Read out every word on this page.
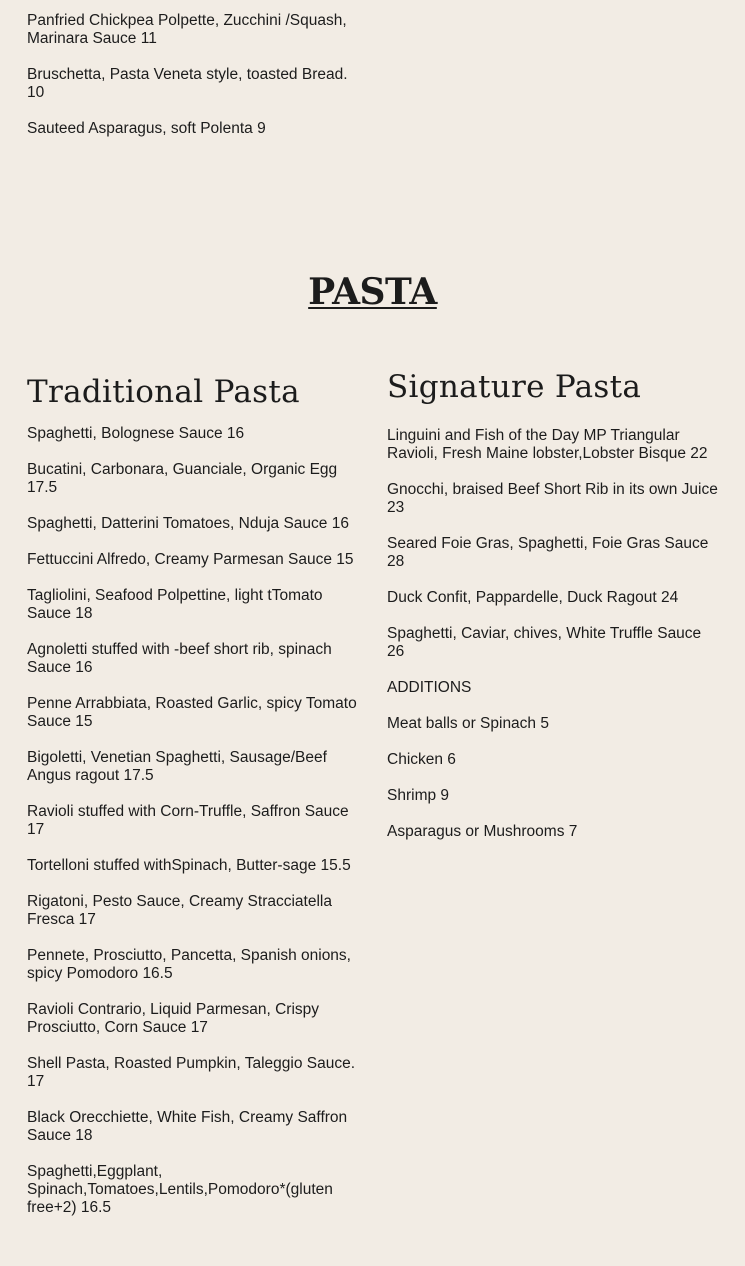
Panfried Chickpea Polpette, Zucchini /Squash, Marinara Sauce 11

Bruschetta, Pasta Veneta style, toasted Bread. 10

Sauteed Asparagus, soft Polenta 9

PASTA
Traditional Pasta

Spaghetti, Bolognese Sauce 16

Bucatini, Carbonara, Guanciale, Organic Egg 17.5

Spaghetti, Datterini Tomatoes, Nduja Sauce 16

Fettuccini Alfredo, Creamy Parmesan Sauce 15

Tagliolini, Seafood Polpettine, light tTomato Sauce 18

Agnoletti stuffed with -beef short rib, spinach Sauce 16

Penne Arrabbiata, Roasted Garlic, spicy Tomato Sauce 15

Bigoletti, Venetian Spaghetti, Sausage/Beef Angus ragout 17.5

Ravioli stuffed with Corn-Truffle, Saffron Sauce 17

Tortelloni stuffed withSpinach, Butter-sage 15.5

Rigatoni, Pesto Sauce, Creamy Stracciatella Fresca 17

Pennete, Prosciutto, Pancetta, Spanish onions, spicy Pomodoro 16.5

Ravioli Contrario, Liquid Parmesan, Crispy Prosciutto, Corn Sauce 17

Shell Pasta, Roasted Pumpkin, Taleggio Sauce. 17

Black Orecchiette, White Fish, Creamy Saffron Sauce 18

Spaghetti,Eggplant, Spinach,Tomatoes,Lentils,Pomodoro*(gluten free+2) 16.5

Signature Pasta

Linguini and Fish of the Day MP Triangular Ravioli, Fresh Maine lobster,Lobster Bisque 22

Gnocchi, braised Beef Short Rib in its own Juice 23

Seared Foie Gras, Spaghetti, Foie Gras Sauce 28

Duck Confit, Pappardelle, Duck Ragout 24

Spaghetti, Caviar, chives, White Truffle Sauce 26

ADDITIONS

Meat balls or Spinach 5

Chicken 6

Shrimp 9

Asparagus or Mushrooms 7
